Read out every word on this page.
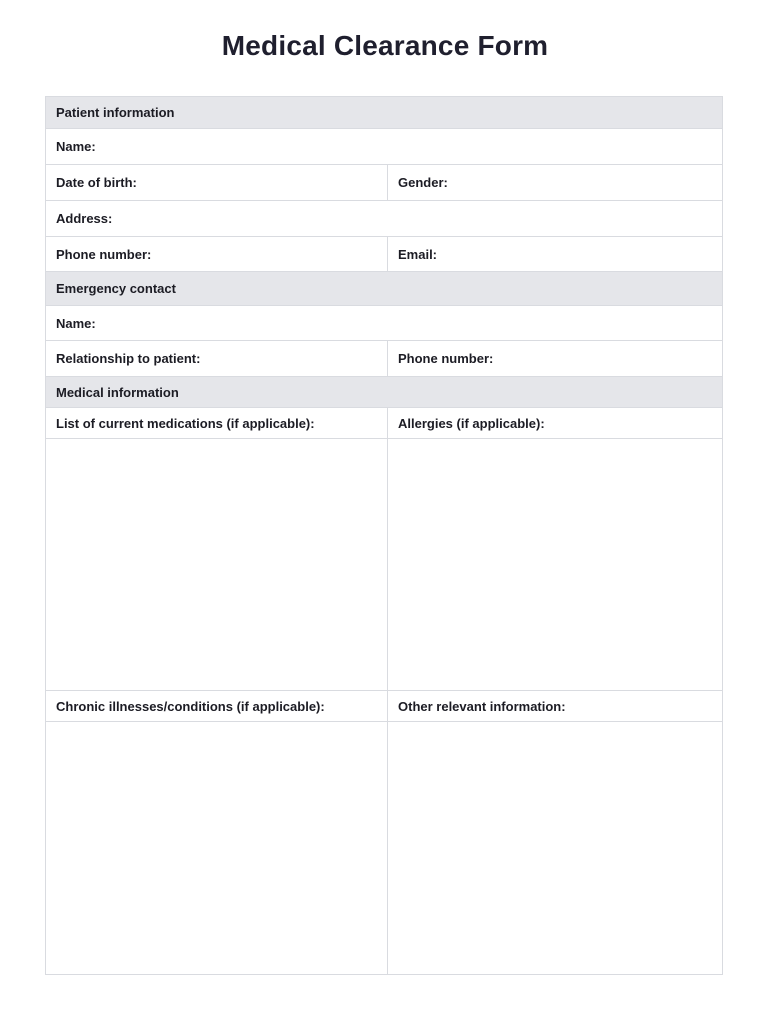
Medical Clearance Form
Patient information
Name:
Date of birth:	Gender:
Address:
Phone number:	Email:
Emergency contact
Name:
Relationship to patient:	Phone number:
Medical information
List of current medications (if applicable):	Allergies (if applicable):
Chronic illnesses/conditions (if applicable):	Other relevant information:
